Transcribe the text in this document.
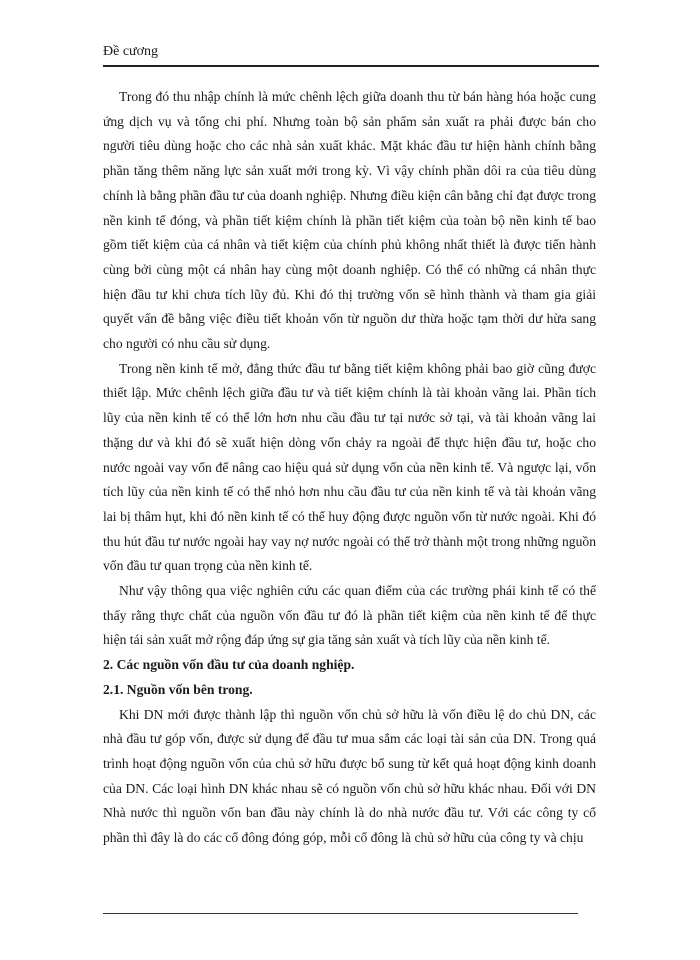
Đề cương

Trong đó thu nhập chính là mức chênh lệch giữa doanh thu từ bán hàng hóa hoặc cung ứng dịch vụ và tổng chi phí. Nhưng toàn bộ sản phẩm sản xuất ra phải được bán cho người tiêu dùng hoặc cho các nhà sản xuất khác. Mặt khác đầu tư hiện hành chính bằng phần tăng thêm năng lực sản xuất mới trong kỳ. Vì vậy chính phần dôi ra của tiêu dùng chính là bằng phần đầu tư của doanh nghiệp. Nhưng điều kiện cân bằng chỉ đạt được trong nền kinh tế đóng, và phần tiết kiệm chính là phần tiết kiệm của toàn bộ nền kinh tế bao gồm tiết kiệm của cá nhân và tiết kiệm của chính phủ không nhất thiết là được tiến hành cùng bởi cùng một cá nhân hay cùng một doanh nghiệp. Có thể có những cá nhân thực hiện đầu tư khi chưa tích lũy đủ. Khi đó thị trường vốn sẽ hình thành và tham gia giải quyết vấn đề bằng việc điều tiết khoản vốn từ nguồn dư thừa hoặc tạm thời dư hừa sang cho người có nhu cầu sử dụng.

Trong nền kinh tế mở, đẳng thức đầu tư bằng tiết kiệm không phải bao giờ cũng được thiết lập. Mức chênh lệch giữa đầu tư và tiết kiệm chính là tài khoản vãng lai. Phần tích lũy của nền kinh tế có thể lớn hơn nhu cầu đầu tư tại nước sở tại, và tài khoản vãng lai thặng dư và khi đó sẽ xuất hiện dòng vốn chảy ra ngoài để thực hiện đầu tư, hoặc cho nước ngoài vay vốn để nâng cao hiệu quả sử dụng vốn của nền kinh tế. Và ngược lại, vốn tích lũy của nền kinh tế có thể nhỏ hơn nhu cầu đầu tư của nền kinh tế và tài khoản vãng lai bị thâm hụt, khi đó nền kinh tế có thể huy động được nguồn vốn từ nước ngoài. Khi đó thu hút đầu tư nước ngoài hay vay nợ nước ngoài có thể trở thành một trong những nguồn vốn đầu tư quan trọng của nền kinh tế.

Như vậy thông qua việc nghiên cứu các quan điểm của các trường phái kinh tế có thể thấy rằng thực chất của nguồn vốn đầu tư đó là phần tiết kiệm của nền kinh tế để thực hiện tái sản xuất mở rộng đáp ứng sự gia tăng sản xuất và tích lũy của nền kinh tế.

2. Các nguồn vốn đầu tư của doanh nghiệp.

2.1. Nguồn vốn bên trong.

Khi DN mới được thành lập thì nguồn vốn chủ sở hữu là vốn điều lệ do chủ DN, các nhà đầu tư góp vốn, được sử dụng để đầu tư mua sắm các loại tài sản của DN. Trong quá trình hoạt động nguồn vốn của chủ sở hữu được bổ sung từ kết quả hoạt động kinh doanh của DN. Các loại hình DN khác nhau sẽ có nguồn vốn chủ sở hữu khác nhau. Đối với DN Nhà nước thì nguồn vốn ban đầu này chính là do nhà nước đầu tư. Với các công ty cổ phần thì đây là do các cổ đông đóng góp, mỗi cổ đông là chủ sở hữu của công ty và chịu
